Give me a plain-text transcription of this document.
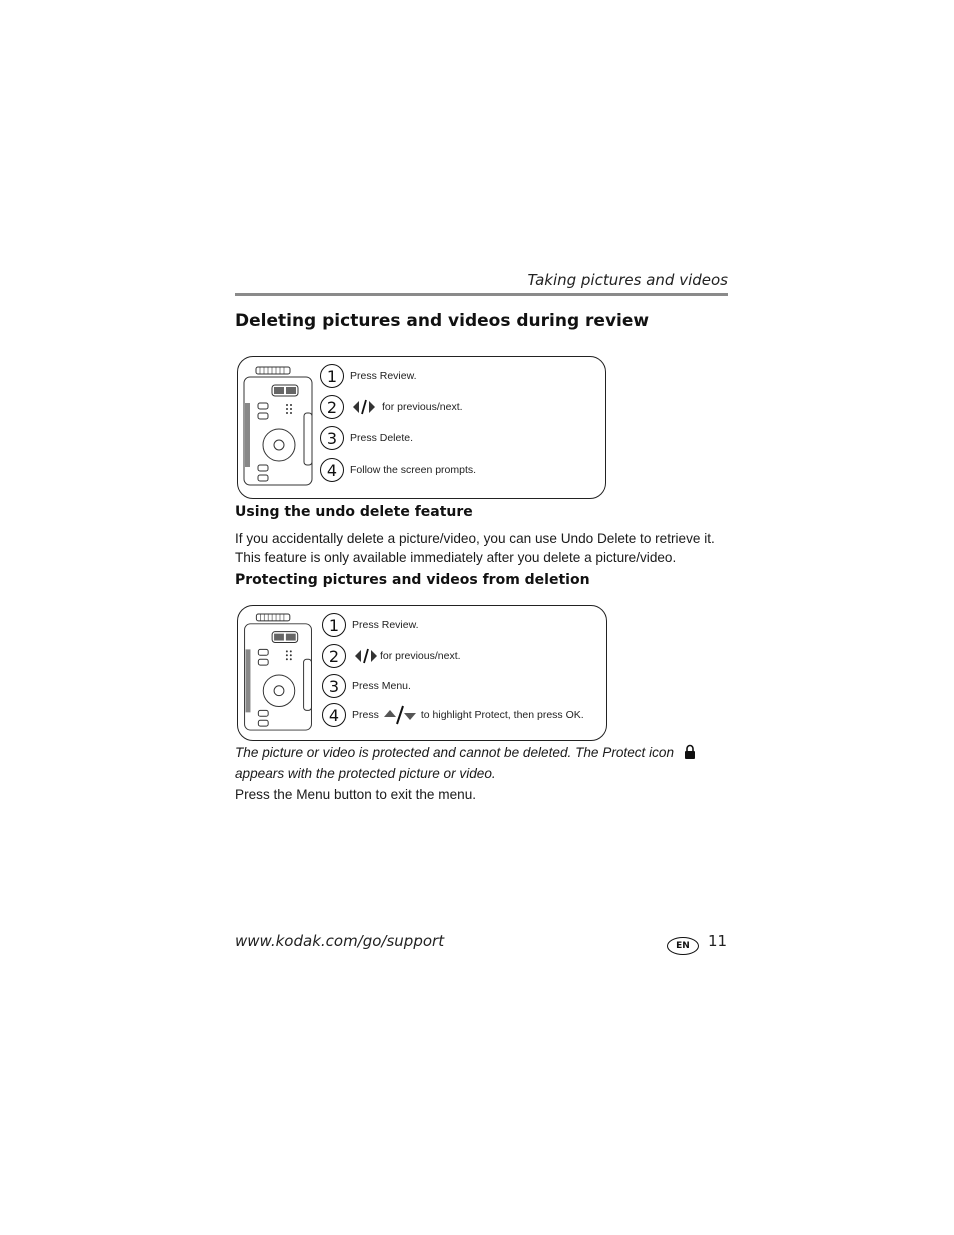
Taking pictures and videos
Deleting pictures and videos during review
1	Press Review.
2	for previous/next.
3	Press Delete.
4	Follow the screen prompts.
Using the undo delete feature
If you accidentally delete a picture/video, you can use Undo Delete to retrieve it. This feature is only available immediately after you delete a picture/video.
Protecting pictures and videos from deletion
1	Press Review.
2	for previous/next.
3	Press Menu.
4	Press	to highlight Protect, then press OK.
The picture or video is protected and cannot be deleted. The Protect icon  appears with the protected picture or video.
Press the Menu button to exit the menu.
www.kodak.com/go/support	EN	11
